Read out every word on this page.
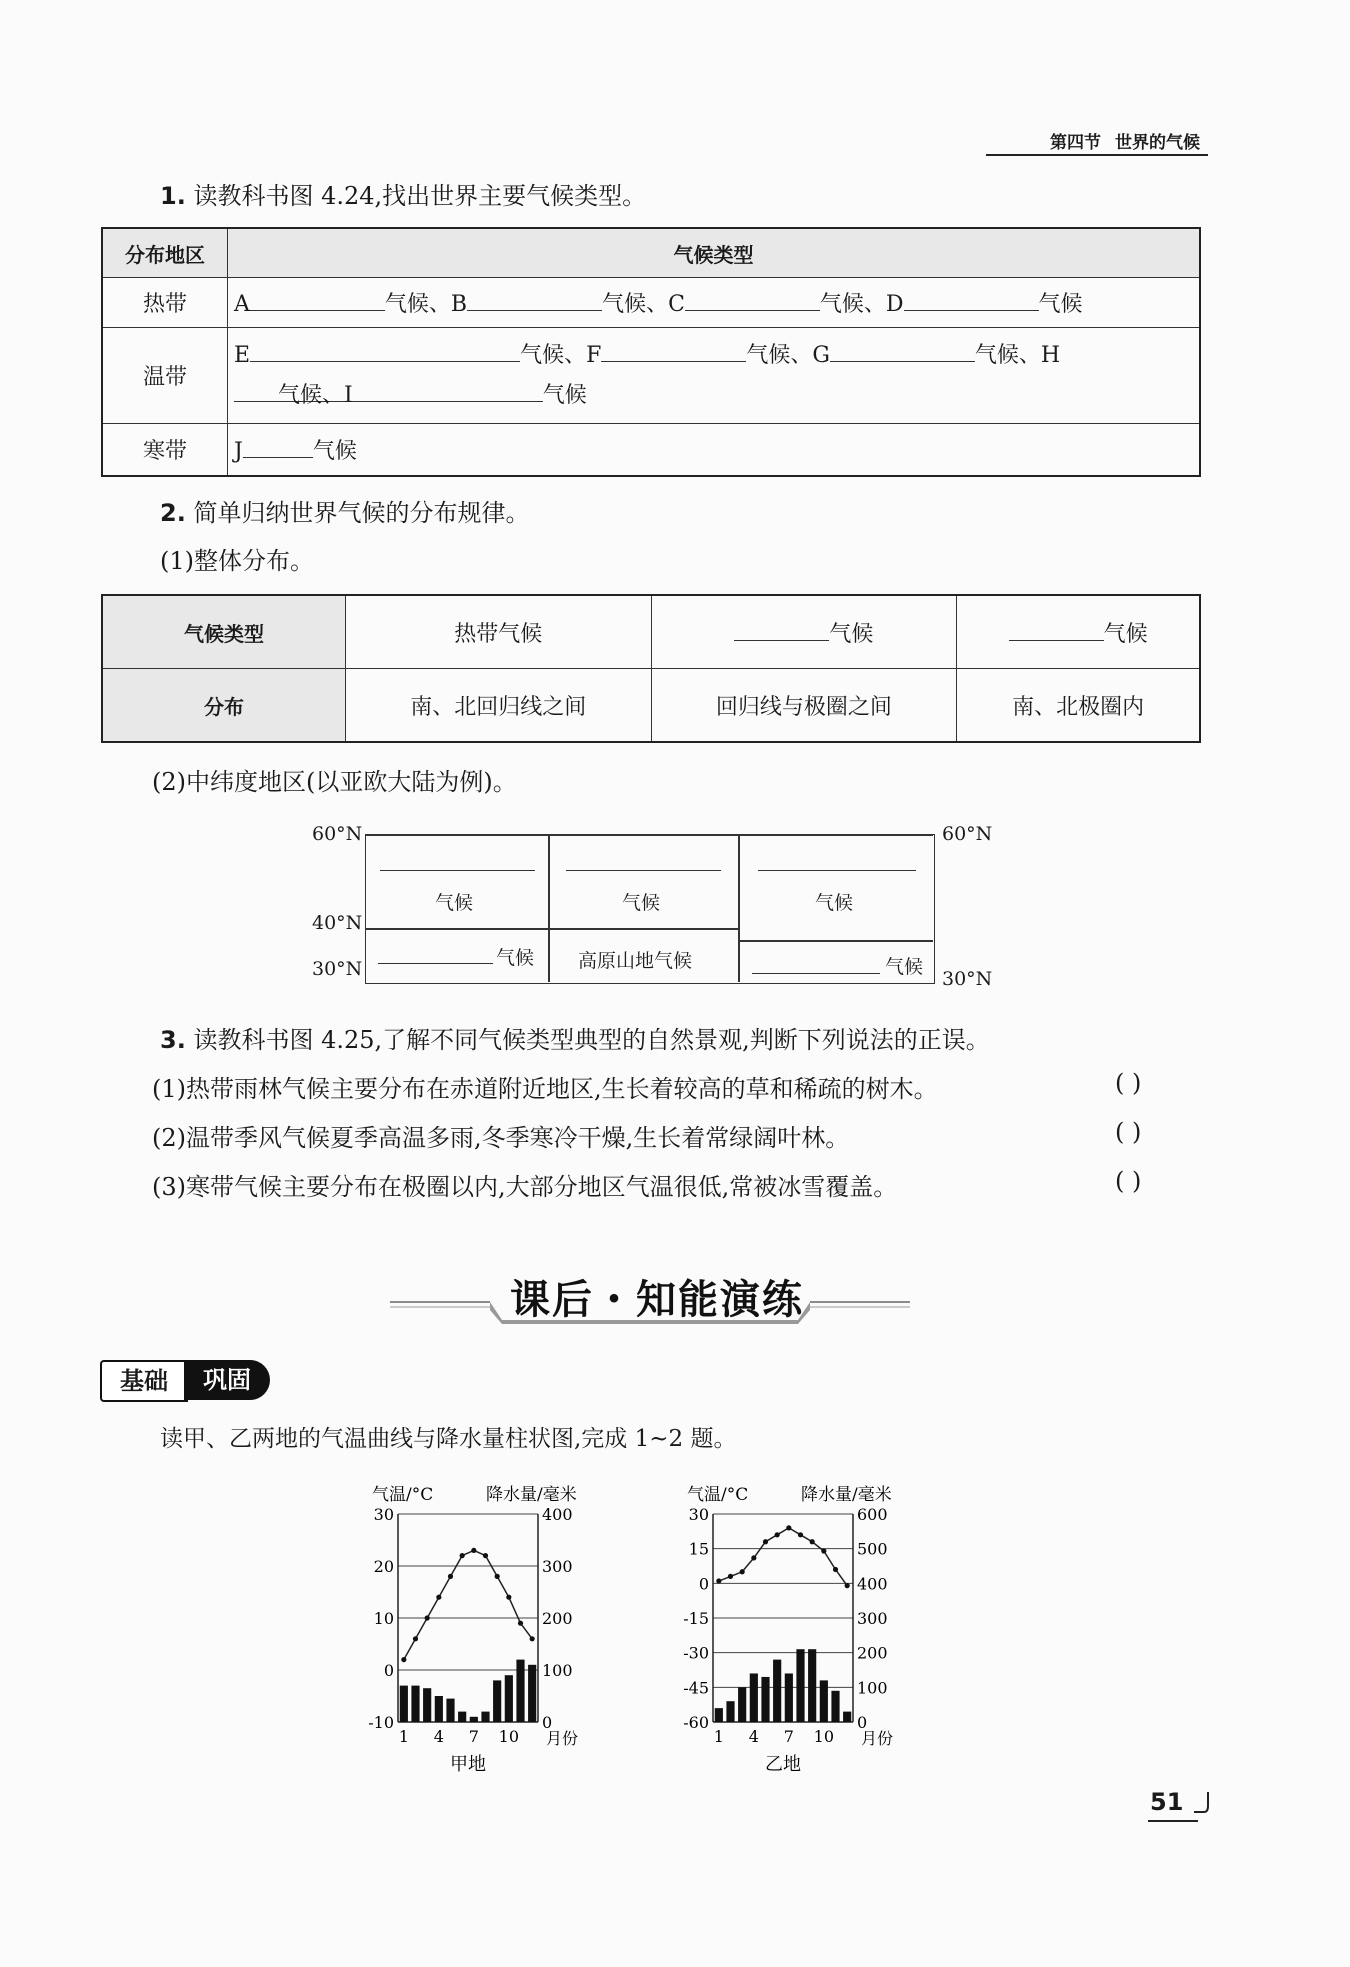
第四节 世界的气候
1. 读教科书图 4.24,找出世界主要气候类型。
分布地区	气候类型
热带	A 气候、B 气候、C 气候、D 气候
温带	E 气候、F 气候、G 气候、H
气候、I 气候

寒带	J 气候
2. 简单归纳世界气候的分布规律。
(1)整体分布。
气候类型	热带气候	气候	气候
分布	南、北回归线之间	回归线与极圈之间	南、北极圈内
(2)中纬度地区(以亚欧大陆为例)。
60°N	60°N
40°N
30°N	30°N
气候	气候	气候
气候 高原山地气候	气候
3. 读教科书图 4.25,了解不同气候类型典型的自然景观,判断下列说法的正误。
(1)热带雨林气候主要分布在赤道附近地区,生长着较高的草和稀疏的树木。	( )
(2)温带季风气候夏季高温多雨,冬季寒冷干燥,生长着常绿阔叶林。	( )
(3)寒带气候主要分布在极圈以内,大部分地区气温很低,常被冰雪覆盖。	( )
课后・知能演练
基础	巩固
读甲、乙两地的气温曲线与降水量柱状图,完成 1~2 题。
气温/°C	降水量/毫米
30
20
10
0
-10
400
300
200
100
0
1 4 7 10 月份
甲地
气温/°C	降水量/毫米
30
15
0
-15
-30
-45
-60
600
500
400
300
200
100
0
1 4 7 10 月份
乙地
51
